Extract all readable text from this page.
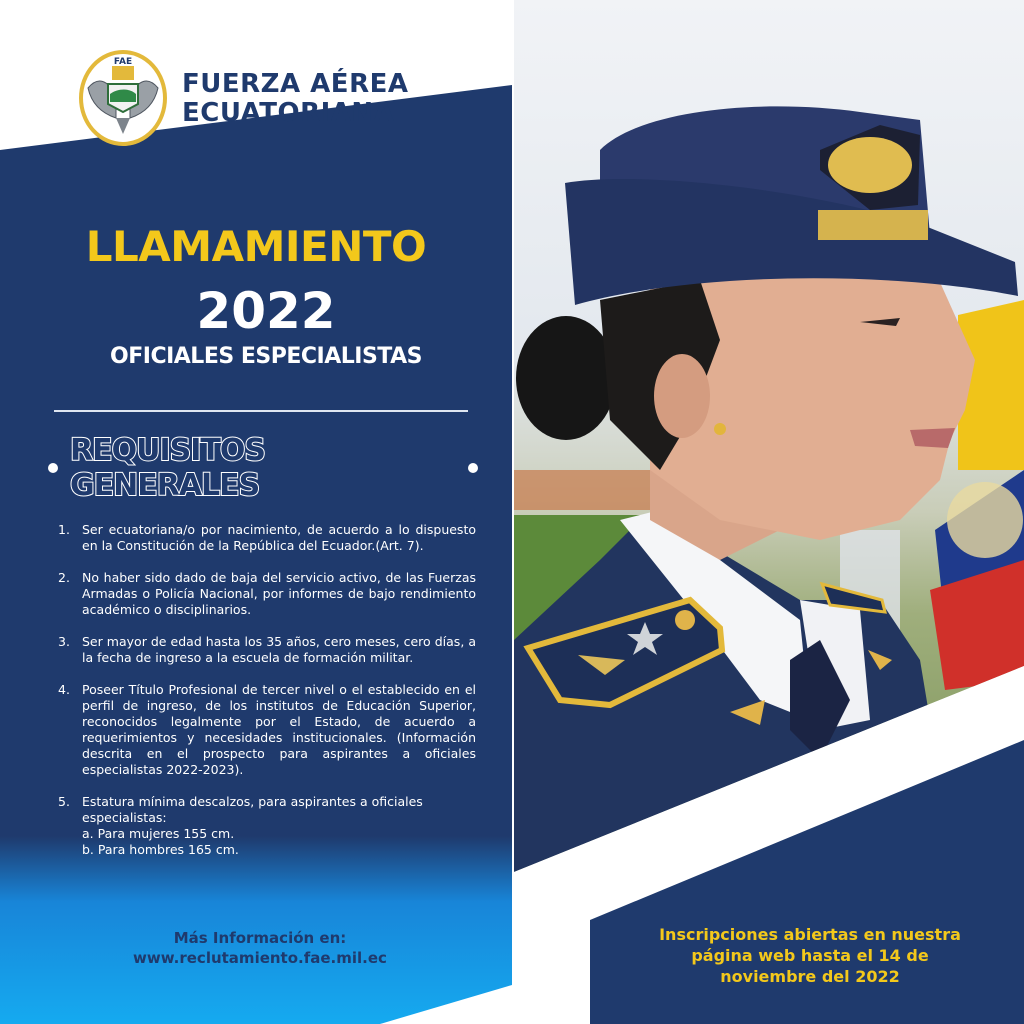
FAE
FUERZA AÉREA
ECUATORIANA
LLAMAMIENTO
2022
OFICIALES ESPECIALISTAS
REQUISITOS GENERALES
1. Ser ecuatoriana/o por nacimiento, de acuerdo a lo dispuesto en la Constitución de la República del Ecuador.(Art. 7).
2. No haber sido dado de baja del servicio activo, de las Fuerzas Armadas o Policía Nacional, por informes de bajo rendimiento académico o disciplinarios.
3. Ser mayor de edad hasta los 35 años, cero meses, cero días, a la fecha de ingreso a la escuela de formación militar.
4. Poseer Título Profesional de tercer nivel o el establecido en el perfil de ingreso, de los institutos de Educación Superior, reconocidos legalmente por el Estado, de acuerdo a requerimientos y necesidades institucionales. (Información descrita en el prospecto para aspirantes a oficiales especialistas 2022-2023).
5. Estatura mínima descalzos, para aspirantes a oficiales especialistas:
a. Para mujeres 155 cm.
b. Para hombres 165 cm.
Más Información en:
www.reclutamiento.fae.mil.ec
Inscripciones abiertas en nuestra
página web hasta el 14 de
noviembre del 2022
